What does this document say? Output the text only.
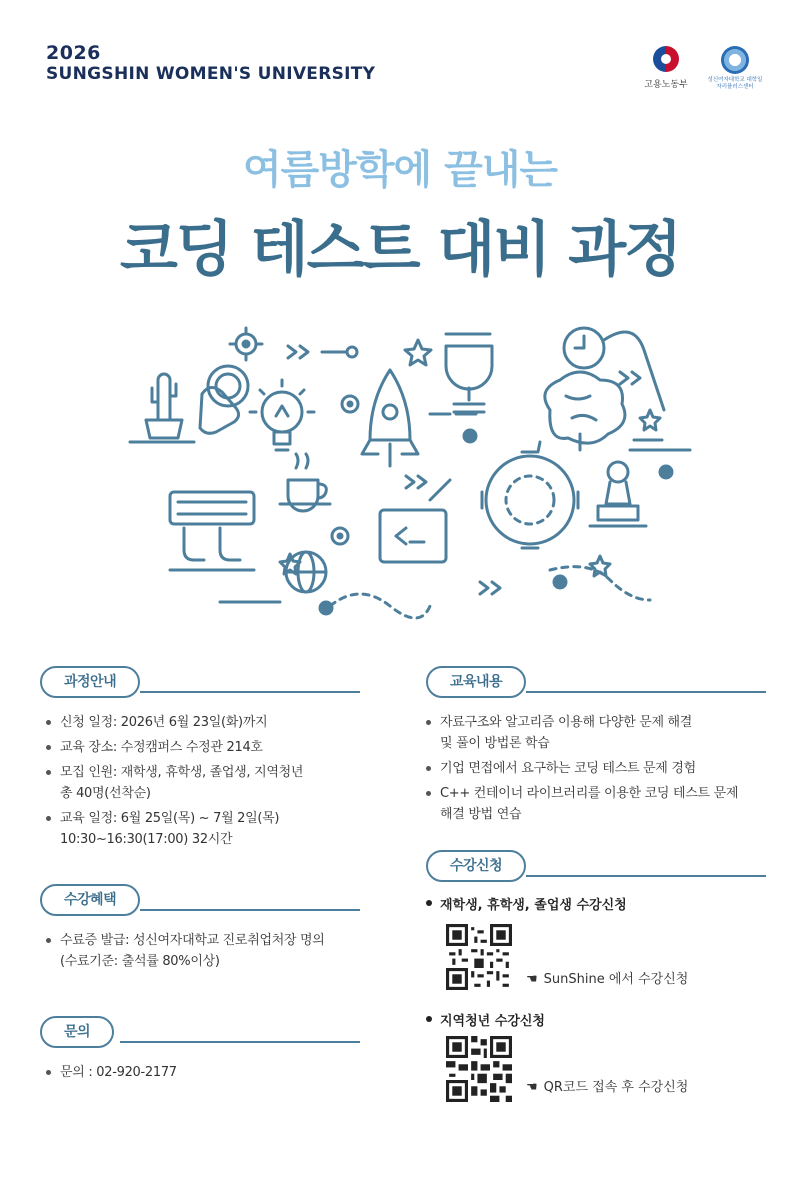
2026
SUNGSHIN WOMEN'S UNIVERSITY
고용노동부	성신여자대학교 대학일자리플러스센터
여름방학에 끝내는
코딩 테스트 대비 과정
과정안내
신청 일정: 2026년 6월 23일(화)까지
교육 장소: 수정캠퍼스 수정관 214호
모집 인원: 재학생, 휴학생, 졸업생, 지역청년
총 40명(선착순)
교육 일정: 6월 25일(목) ~ 7월 2일(목)
10:30~16:30(17:00) 32시간
수강혜택
수료증 발급: 성신여자대학교 진로취업처장 명의
(수료기준: 출석률 80%이상)
문의
문의 : 02-920-2177
교육내용
자료구조와 알고리즘 이용해 다양한 문제 해결
및 풀이 방법론 학습
기업 면접에서 요구하는 코딩 테스트 문제 경험
C++ 컨테이너 라이브러리를 이용한 코딩 테스트 문제
해결 방법 연습
수강신청
재학생, 휴학생, 졸업생 수강신청
☚ SunShine 에서 수강신청
지역청년 수강신청
☚ QR코드 접속 후 수강신청
